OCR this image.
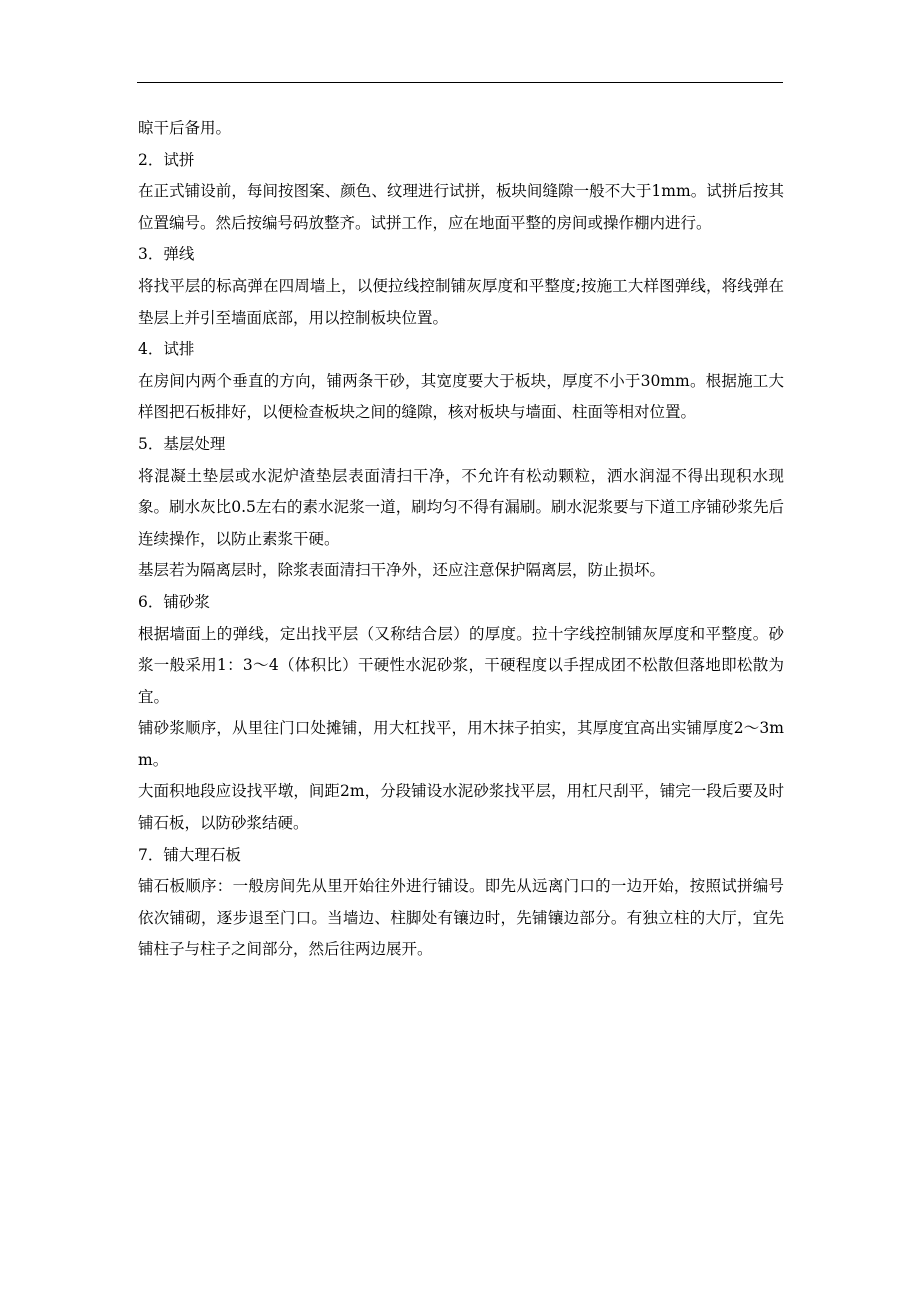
晾干后备用。

2．试拼

在正式铺设前，每间按图案、颜色、纹理进行试拼，板块间缝隙一般不大于1mm。试拼后按其位置编号。然后按编号码放整齐。试拼工作，应在地面平整的房间或操作棚内进行。

3．弹线

将找平层的标高弹在四周墙上，以便拉线控制铺灰厚度和平整度;按施工大样图弹线，将线弹在垫层上并引至墙面底部，用以控制板块位置。

4．试排

在房间内两个垂直的方向，铺两条干砂，其宽度要大于板块，厚度不小于30mm。根据施工大样图把石板排好，以便检查板块之间的缝隙，核对板块与墙面、柱面等相对位置。

5．基层处理

将混凝土垫层或水泥炉渣垫层表面清扫干净，不允许有松动颗粒，洒水润湿不得出现积水现象。刷水灰比0.5左右的素水泥浆一道，刷均匀不得有漏刷。刷水泥浆要与下道工序铺砂浆先后连续操作，以防止素浆干硬。

基层若为隔离层时，除浆表面清扫干净外，还应注意保护隔离层，防止损坏。

6．铺砂浆

根据墙面上的弹线，定出找平层（又称结合层）的厚度。拉十字线控制铺灰厚度和平整度。砂浆一般采用1：3～4（体积比）干硬性水泥砂浆，干硬程度以手捏成团不松散但落地即松散为宜。

铺砂浆顺序，从里往门口处摊铺，用大杠找平，用木抹子拍实，其厚度宜高出实铺厚度2～3mm。

大面积地段应设找平墩，间距2m，分段铺设水泥砂浆找平层，用杠尺刮平，铺完一段后要及时铺石板，以防砂浆结硬。

7．铺大理石板

铺石板顺序：一般房间先从里开始往外进行铺设。即先从远离门口的一边开始，按照试拼编号依次铺砌，逐步退至门口。当墙边、柱脚处有镶边时，先铺镶边部分。有独立柱的大厅，宜先铺柱子与柱子之间部分，然后往两边展开。
